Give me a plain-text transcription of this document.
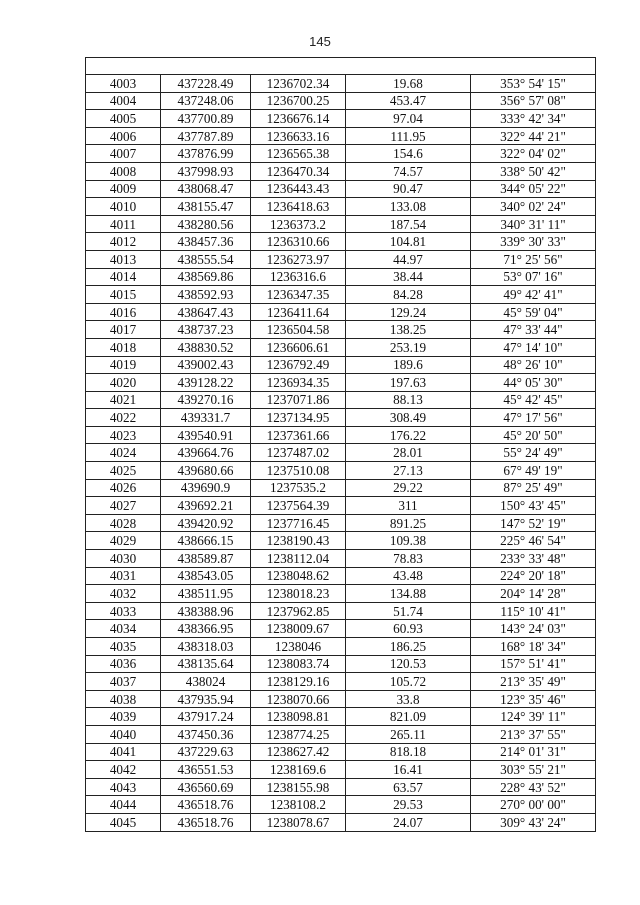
145

4003	437228.49	1236702.34	19.68	353° 54' 15"
4004	437248.06	1236700.25	453.47	356° 57' 08"
4005	437700.89	1236676.14	97.04	333° 42' 34"
4006	437787.89	1236633.16	111.95	322° 44' 21"
4007	437876.99	1236565.38	154.6	322° 04' 02"
4008	437998.93	1236470.34	74.57	338° 50' 42"
4009	438068.47	1236443.43	90.47	344° 05' 22"
4010	438155.47	1236418.63	133.08	340° 02' 24"
4011	438280.56	1236373.2	187.54	340° 31' 11"
4012	438457.36	1236310.66	104.81	339° 30' 33"
4013	438555.54	1236273.97	44.97	71° 25' 56"
4014	438569.86	1236316.6	38.44	53° 07' 16"
4015	438592.93	1236347.35	84.28	49° 42' 41"
4016	438647.43	1236411.64	129.24	45° 59' 04"
4017	438737.23	1236504.58	138.25	47° 33' 44"
4018	438830.52	1236606.61	253.19	47° 14' 10"
4019	439002.43	1236792.49	189.6	48° 26' 10"
4020	439128.22	1236934.35	197.63	44° 05' 30"
4021	439270.16	1237071.86	88.13	45° 42' 45"
4022	439331.7	1237134.95	308.49	47° 17' 56"
4023	439540.91	1237361.66	176.22	45° 20' 50"
4024	439664.76	1237487.02	28.01	55° 24' 49"
4025	439680.66	1237510.08	27.13	67° 49' 19"
4026	439690.9	1237535.2	29.22	87° 25' 49"
4027	439692.21	1237564.39	311	150° 43' 45"
4028	439420.92	1237716.45	891.25	147° 52' 19"
4029	438666.15	1238190.43	109.38	225° 46' 54"
4030	438589.87	1238112.04	78.83	233° 33' 48"
4031	438543.05	1238048.62	43.48	224° 20' 18"
4032	438511.95	1238018.23	134.88	204° 14' 28"
4033	438388.96	1237962.85	51.74	115° 10' 41"
4034	438366.95	1238009.67	60.93	143° 24' 03"
4035	438318.03	1238046	186.25	168° 18' 34"
4036	438135.64	1238083.74	120.53	157° 51' 41"
4037	438024	1238129.16	105.72	213° 35' 49"
4038	437935.94	1238070.66	33.8	123° 35' 46"
4039	437917.24	1238098.81	821.09	124° 39' 11"
4040	437450.36	1238774.25	265.11	213° 37' 55"
4041	437229.63	1238627.42	818.18	214° 01' 31"
4042	436551.53	1238169.6	16.41	303° 55' 21"
4043	436560.69	1238155.98	63.57	228° 43' 52"
4044	436518.76	1238108.2	29.53	270° 00' 00"
4045	436518.76	1238078.67	24.07	309° 43' 24"
